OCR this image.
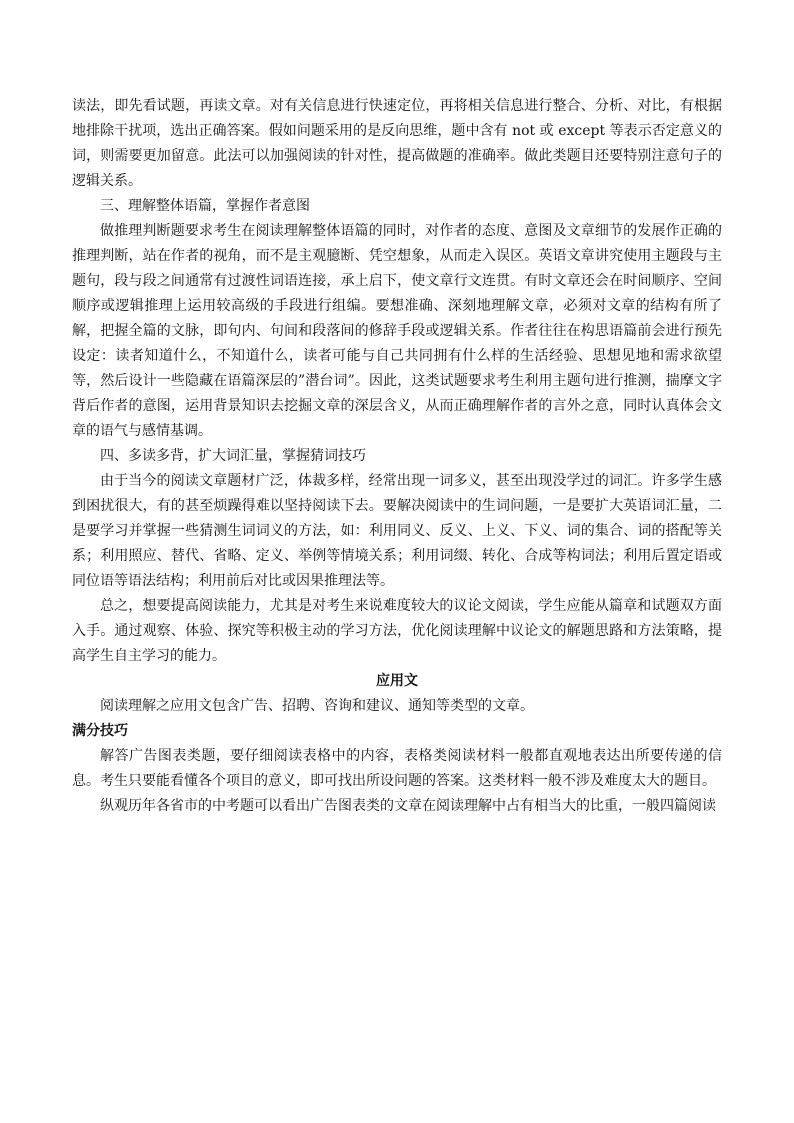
读法，即先看试题，再读文章。对有关信息进行快速定位，再将相关信息进行整合、分析、对比，有根据地排除干扰项，选出正确答案。假如问题采用的是反向思维，题中含有 not 或 except 等表示否定意义的词，则需要更加留意。此法可以加强阅读的针对性，提高做题的准确率。做此类题目还要特别注意句子的逻辑关系。

三、理解整体语篇，掌握作者意图

做推理判断题要求考生在阅读理解整体语篇的同时，对作者的态度、意图及文章细节的发展作正确的推理判断，站在作者的视角，而不是主观臆断、凭空想象，从而走入误区。英语文章讲究使用主题段与主题句，段与段之间通常有过渡性词语连接，承上启下，使文章行文连贯。有时文章还会在时间顺序、空间顺序或逻辑推理上运用较高级的手段进行组编。要想准确、深刻地理解文章，必须对文章的结构有所了解，把握全篇的文脉，即句内、句间和段落间的修辞手段或逻辑关系。作者往往在构思语篇前会进行预先设定：读者知道什么，不知道什么，读者可能与自己共同拥有什么样的生活经验、思想见地和需求欲望等，然后设计一些隐藏在语篇深层的”潜台词”。因此，这类试题要求考生利用主题句进行推测，揣摩文字背后作者的意图，运用背景知识去挖掘文章的深层含义，从而正确理解作者的言外之意，同时认真体会文章的语气与感情基调。

四、多读多背，扩大词汇量，掌握猜词技巧

由于当今的阅读文章题材广泛，体裁多样，经常出现一词多义，甚至出现没学过的词汇。许多学生感到困扰很大，有的甚至烦躁得难以坚持阅读下去。要解决阅读中的生词问题，一是要扩大英语词汇量，二是要学习并掌握一些猜测生词词义的方法，如：利用同义、反义、上义、下义、词的集合、词的搭配等关系；利用照应、替代、省略、定义、举例等情境关系；利用词缀、转化、合成等构词法；利用后置定语或同位语等语法结构；利用前后对比或因果推理法等。

总之，想要提高阅读能力，尤其是对考生来说难度较大的议论文阅读，学生应能从篇章和试题双方面入手。通过观察、体验、探究等积极主动的学习方法，优化阅读理解中议论文的解题思路和方法策略，提高学生自主学习的能力。

应用文

阅读理解之应用文包含广告、招聘、咨询和建议、通知等类型的文章。

满分技巧

解答广告图表类题，要仔细阅读表格中的内容，表格类阅读材料一般都直观地表达出所要传递的信息。考生只要能看懂各个项目的意义，即可找出所设问题的答案。这类材料一般不涉及难度太大的题目。

纵观历年各省市的中考题可以看出广告图表类的文章在阅读理解中占有相当大的比重，一般四篇阅读
